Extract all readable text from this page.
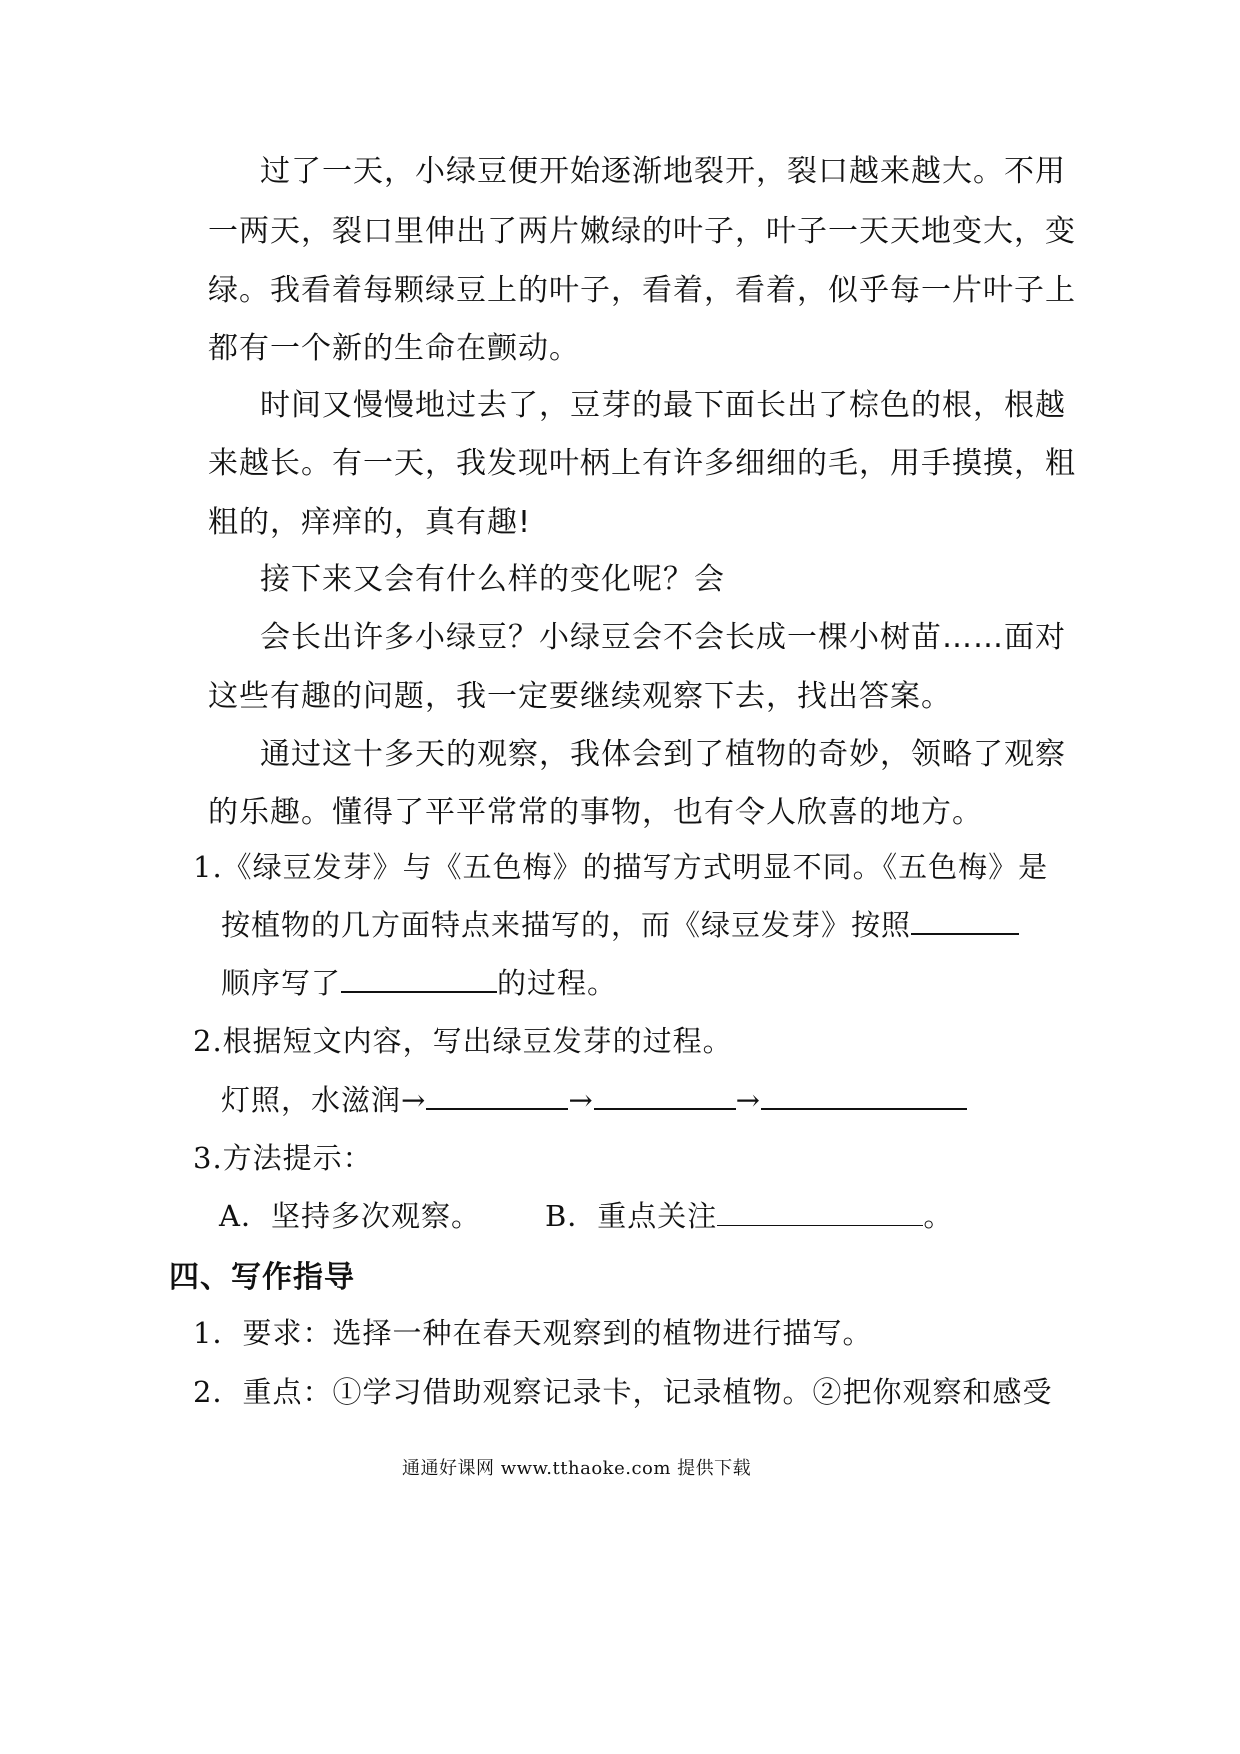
过了一天，小绿豆便开始逐渐地裂开，裂口越来越大。不用
一两天，裂口里伸出了两片嫩绿的叶子，叶子一天天地变大，变
绿。我看着每颗绿豆上的叶子，看着，看着，似乎每一片叶子上
都有一个新的生命在颤动。
时间又慢慢地过去了，豆芽的最下面长出了棕色的根，根越
来越长。有一天，我发现叶柄上有许多细细的毛，用手摸摸，粗
粗的，痒痒的，真有趣!
接下来又会有什么样的变化呢？会
会长出许多小绿豆？小绿豆会不会长成一棵小树苗……面对
这些有趣的问题，我一定要继续观察下去，找出答案。
通过这十多天的观察，我体会到了植物的奇妙，领略了观察
的乐趣。懂得了平平常常的事物，也有令人欣喜的地方。
1.《绿豆发芽》与《五色梅》的描写方式明显不同。《五色梅》是
按植物的几方面特点来描写的，而《绿豆发芽》按照
顺序写了	的过程。
2.根据短文内容，写出绿豆发芽的过程。
灯照，水滋润→	→	→
3.方法提示：
A．坚持多次观察。 B．重点关注	。
四、写作指导
1．要求：选择一种在春天观察到的植物进行描写。
2．重点：①学习借助观察记录卡，记录植物。②把你观察和感受
通通好课网 www.tthaoke.com 提供下载
